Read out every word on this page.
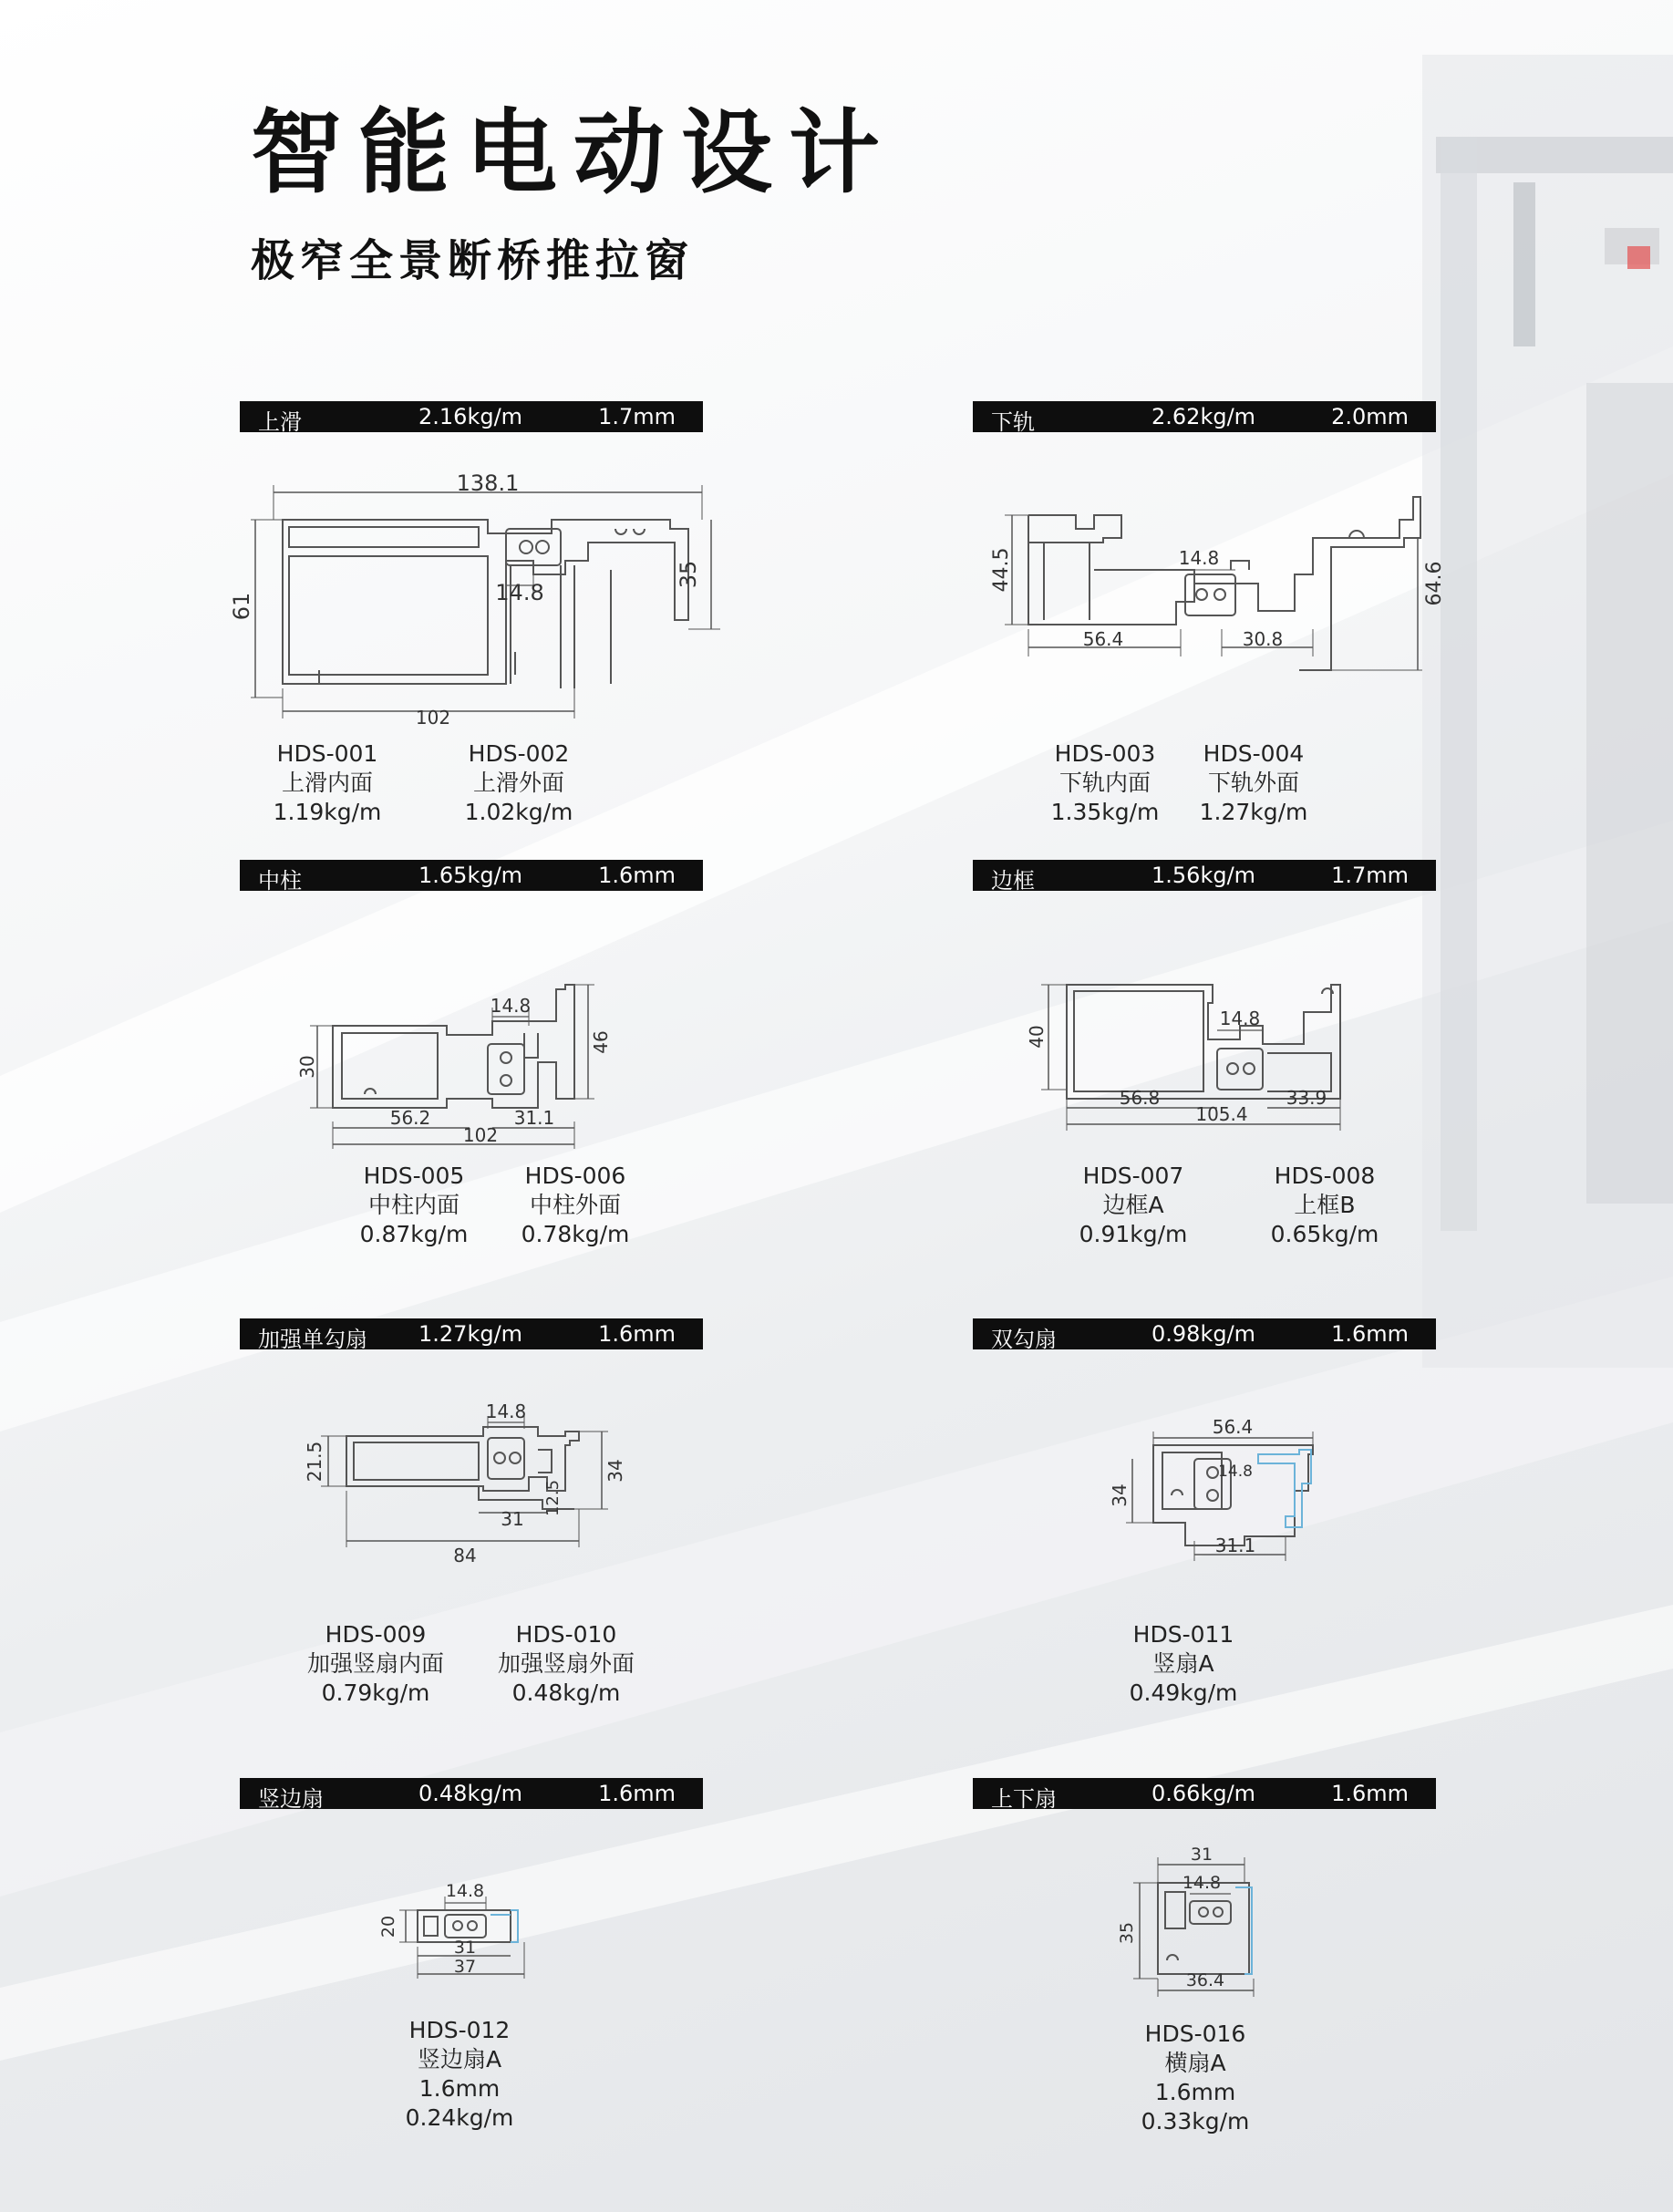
智能电动设计
极窄全景断桥推拉窗
上滑	2.16kg/m	1.7mm
138.1
14.8
35
61
102
HDS-001
上滑内面
1.19kg/m
HDS-002
上滑外面
1.02kg/m
下轨	2.62kg/m	2.0mm
14.8
44.5	64.6
56.4	30.8
HDS-003
下轨内面
1.35kg/m
HDS-004
下轨外面
1.27kg/m
中柱	1.65kg/m	1.6mm
14.8
30
46
56.2
102
31.1
HDS-005
中柱内面
0.87kg/m
HDS-006
中柱外面
0.78kg/m
边框	1.56kg/m	1.7mm
14.8
40
56.8	33.9
105.4
HDS-007
边框A
0.91kg/m
HDS-008
上框B
0.65kg/m
加强单勾扇 1.27kg/m	1.6mm
14.8
21.5	34
31
12.5
84
HDS-009
加强竖扇内面
0.79kg/m
HDS-010
加强竖扇外面
0.48kg/m
双勾扇	0.98kg/m	1.6mm
56.4
34
14.8
31.1
HDS-011
竖扇A
0.49kg/m
竖边扇	0.48kg/m	1.6mm
14.8
20
31
37
HDS-012
竖边扇A
1.6mm
0.24kg/m
上下扇	0.66kg/m	1.6mm
31
14.8
35
36.4
HDS-016
横扇A
1.6mm
0.33kg/m
